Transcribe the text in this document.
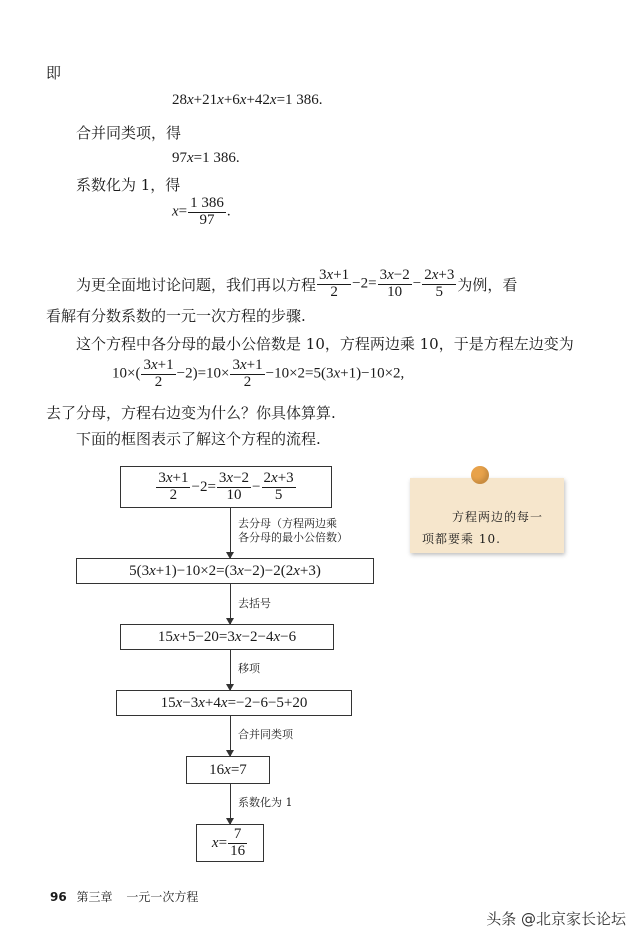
即
28x+21x+6x+42x=1 386.
合并同类项，得
97x=1 386.
系数化为 1，得
$x= \frac{1 386}{97}$ .
为更全面地讨论问题，我们再以方程 $\frac{3x+1}{2} -2= \frac{3x-2}{10} - \frac{2x+3}{5}$ 为例，看
看解有分数系数的一元一次方程的步骤.
这个方程中各分母的最小公倍数是 10，方程两边乘 10，于是方程左边变为
$10\times( \frac{3x+1}{2} -2)=10\times \frac{3x+1}{2} -10\times 2=5(3x+1)-10\times 2$,
去了分母，方程右边变为什么？你具体算算.
下面的框图表示了解这个方程的流程.
$\frac{3x+1}{2} -2= \frac{3x-2}{10} - \frac{2x+3}{5}$
去分母（方程两边乘
各分母的最小公倍数）
5(3 x +1)−10×2=(3 x −2)−2(2 x +3)
去括号
15 x +5−20=3 x −2−4 x −6
移项
15 x −3 x +4 x =−2−6−5+20
合并同类项
16 x =7
系数化为 1
$x = \frac{7}{16}$
方程两边的每一
项都要乘 10.
96 第三章 一元一次方程
头条 @北京家长论坛
